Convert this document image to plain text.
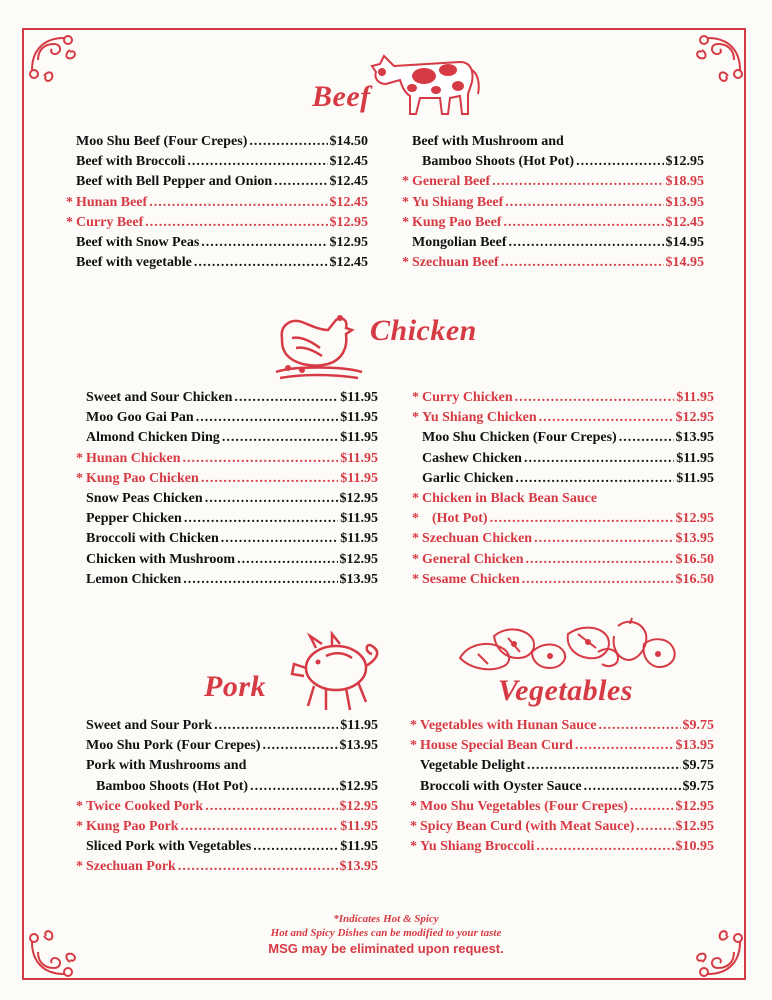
Beef
Moo Shu Beef (Four Crepes) .....	$14.50
Beef with Broccoli .....	$12.45
Beef with Bell Pepper and Onion .....	$12.45
* Hunan Beef .....	$12.45
* Curry Beef .....	$12.95
Beef with Snow Peas .....	$12.95
Beef with vegetable .....	$12.45
Beef with Mushroom and
Bamboo Shoots (Hot Pot) .....	$12.95
* General Beef .....	$18.95
* Yu Shiang Beef .....	$13.95
* Kung Pao Beef .....	$12.45
Mongolian Beef .....	$14.95
* Szechuan Beef .....	$14.95
Chicken
Sweet and Sour Chicken .....	$11.95
Moo Goo Gai Pan .....	$11.95
Almond Chicken Ding .....	$11.95
* Hunan Chicken .....	$11.95
* Kung Pao Chicken .....	$11.95
Snow Peas Chicken .....	$12.95
Pepper Chicken .....	$11.95
Broccoli with Chicken .....	$11.95
Chicken with Mushroom .....	$12.95
Lemon Chicken .....	$13.95
* Curry Chicken .....	$11.95
* Yu Shiang Chicken .....	$12.95
Moo Shu Chicken (Four Crepes) .....	$13.95
Cashew Chicken .....	$11.95
Garlic Chicken .....	$11.95
* Chicken in Black Bean Sauce
* (Hot Pot) .....	$12.95
* Szechuan Chicken .....	$13.95
* General Chicken .....	$16.50
* Sesame Chicken .....	$16.50
Pork
Sweet and Sour Pork .....	$11.95
Moo Shu Pork (Four Crepes) .....	$13.95
Pork with Mushrooms and
Bamboo Shoots (Hot Pot) .....	$12.95
* Twice Cooked Pork .....	$12.95
* Kung Pao Pork .....	$11.95
Sliced Pork with Vegetables .....	$11.95
* Szechuan Pork .....	$13.95
Vegetables
* Vegetables with Hunan Sauce .....	$9.75
* House Special Bean Curd .....	$13.95
Vegetable Delight .....	$9.75
Broccoli with Oyster Sauce .....	$9.75
* Moo Shu Vegetables (Four Crepes) .....	$12.95
* Spicy Bean Curd (with Meat Sauce) .....	$12.95
* Yu Shiang Broccoli .....	$10.95
*Indicates Hot & Spicy
Hot and Spicy Dishes can be modified to your taste
MSG may be eliminated upon request.
